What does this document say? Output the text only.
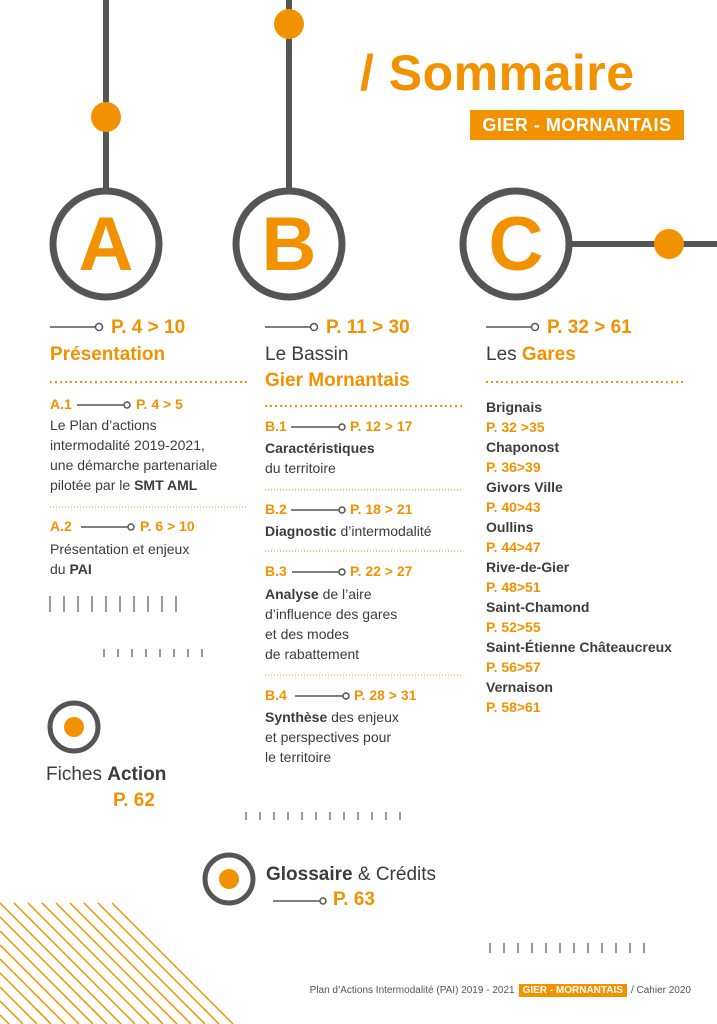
/ Sommaire
GIER - MORNANTAIS
A	B	C
P. 4 > 10
Présentation
A.1	P. 4 > 5
Le Plan d’actions
intermodalité 2019-2021,
une démarche partenariale
pilotée par le SMT AML
A.2	P. 6 > 10
Présentation et enjeux
du PAI
P. 11 > 30
Le Bassin
Gier Mornantais
B.1	P. 12 > 17
Caractéristiques
du territoire
B.2	P. 18 > 21
Diagnostic d’intermodalité
B.3	P. 22 > 27
Analyse de l’aire
d’influence des gares
et des modes
de rabattement
B.4	P. 28 > 31
Synthèse des enjeux
et perspectives pour
le territoire
P. 32 > 61
Les Gares
Brignais
P. 32 >35
Chaponost
P. 36>39
Givors Ville
P. 40>43
Oullins
P. 44>47
Rive-de-Gier
P. 48>51
Saint-Chamond
P. 52>55
Saint-Étienne Châteaucreux
P. 56>57
Vernaison
P. 58>61
Fiches Action
P. 62
Glossaire & Crédits
P. 63
Plan d’Actions Intermodalité (PAI) 2019 - 2021 GIER - MORNANTAIS / Cahier 2020
